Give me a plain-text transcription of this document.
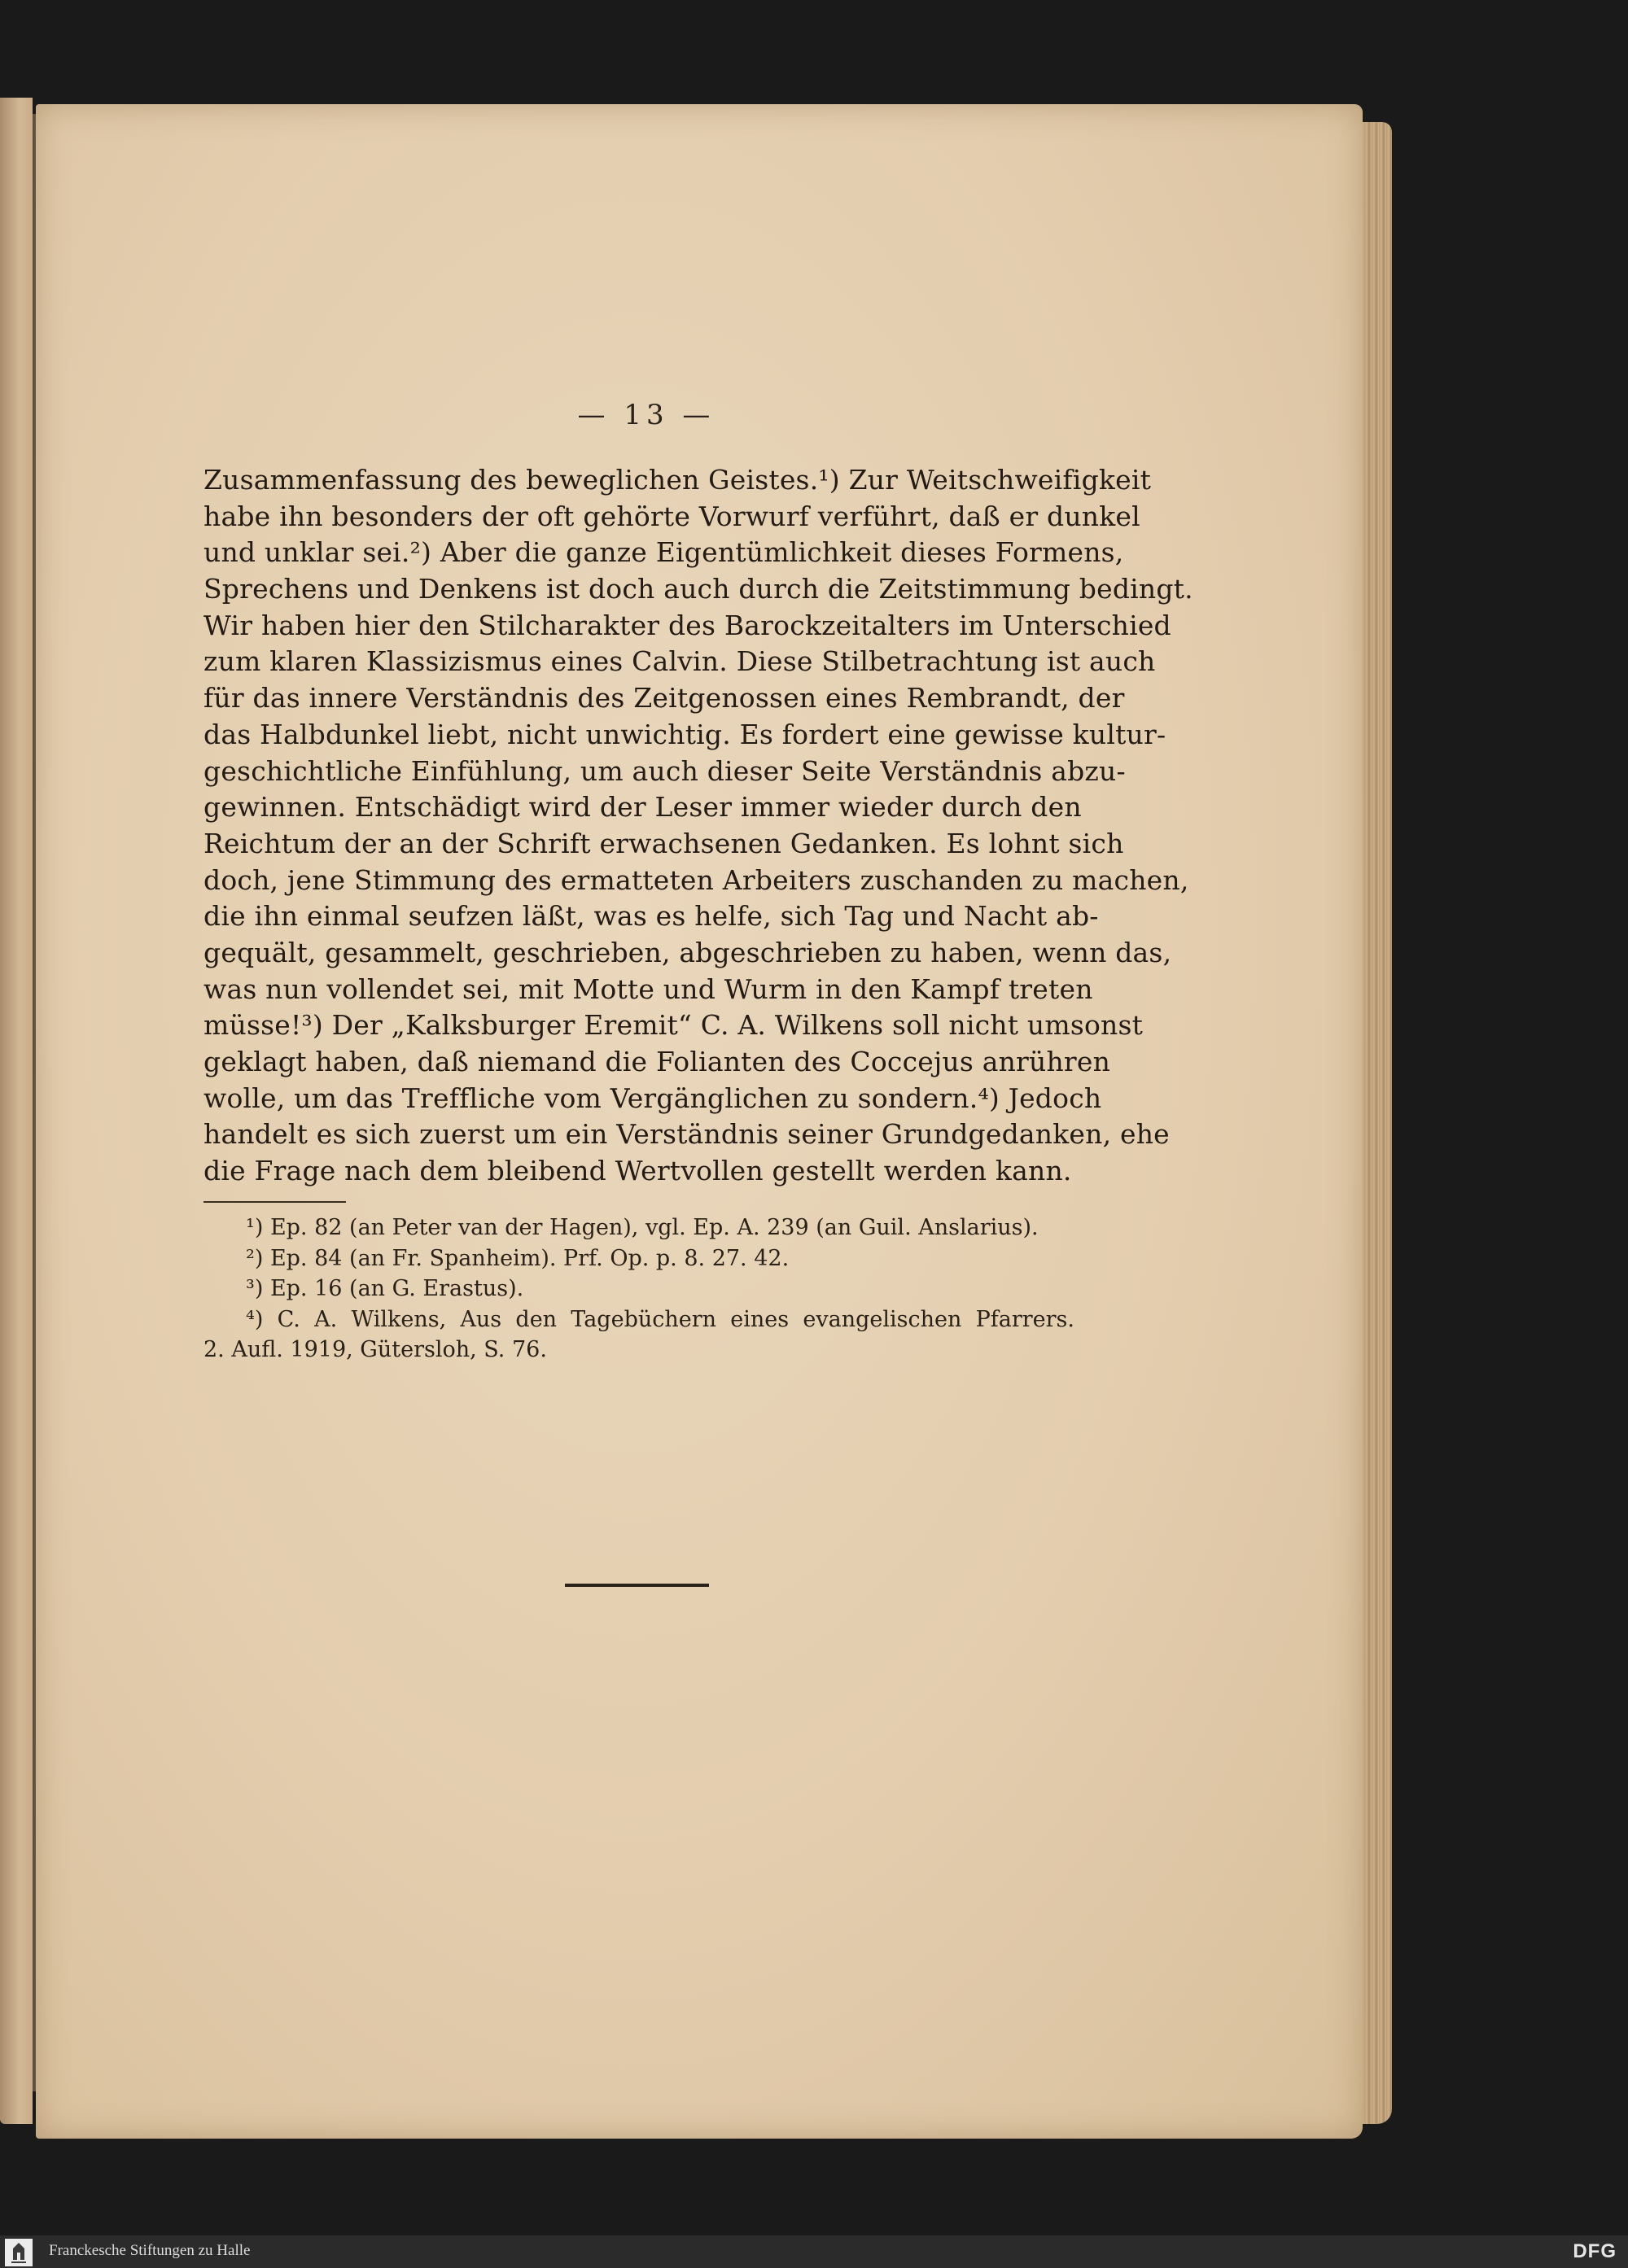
— 13 —
Zusammenfassung des beweglichen Geistes.¹) Zur Weitschweifigkeit
habe ihn besonders der oft gehörte Vorwurf verführt, daß er dunkel
und unklar sei.²) Aber die ganze Eigentümlichkeit dieses Formens,
Sprechens und Denkens ist doch auch durch die Zeitstimmung bedingt.
Wir haben hier den Stilcharakter des Barockzeitalters im Unterschied
zum klaren Klassizismus eines Calvin. Diese Stilbetrachtung ist auch
für das innere Verständnis des Zeitgenossen eines Rembrandt, der
das Halbdunkel liebt, nicht unwichtig. Es fordert eine gewisse kultur-
geschichtliche Einfühlung, um auch dieser Seite Verständnis abzu-
gewinnen. Entschädigt wird der Leser immer wieder durch den
Reichtum der an der Schrift erwachsenen Gedanken. Es lohnt sich
doch, jene Stimmung des ermatteten Arbeiters zuschanden zu machen,
die ihn einmal seufzen läßt, was es helfe, sich Tag und Nacht ab-
gequält, gesammelt, geschrieben, abgeschrieben zu haben, wenn das,
was nun vollendet sei, mit Motte und Wurm in den Kampf treten
müsse!³) Der „Kalksburger Eremit“ C. A. Wilkens soll nicht umsonst
geklagt haben, daß niemand die Folianten des Coccejus anrühren
wolle, um das Treffliche vom Vergänglichen zu sondern.⁴) Jedoch
handelt es sich zuerst um ein Verständnis seiner Grundgedanken, ehe
die Frage nach dem bleibend Wertvollen gestellt werden kann.
¹) Ep. 82 (an Peter van der Hagen), vgl. Ep. A. 239 (an Guil. Anslarius).
²) Ep. 84 (an Fr. Spanheim). Prf. Op. p. 8. 27. 42.
³) Ep. 16 (an G. Erastus).
⁴) C. A. Wilkens, Aus den Tagebüchern eines evangelischen Pfarrers.
2. Aufl. 1919, Gütersloh, S. 76.
Franckesche Stiftungen zu Halle	DFG
